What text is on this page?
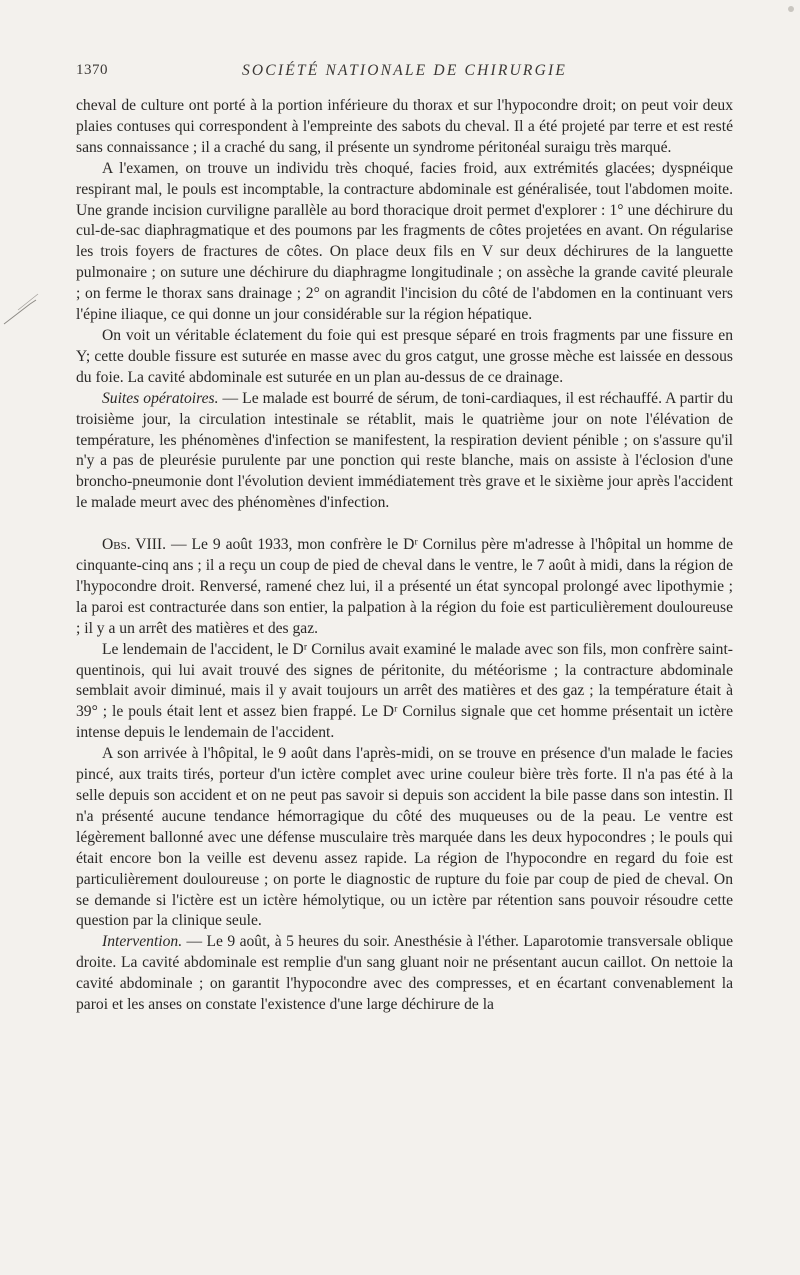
1370	SOCIÉTÉ NATIONALE DE CHIRURGIE

cheval de culture ont porté à la portion inférieure du thorax et sur l'hypocondre droit; on peut voir deux plaies contuses qui correspondent à l'empreinte des sabots du cheval. Il a été projeté par terre et est resté sans connaissance ; il a craché du sang, il présente un syndrome péritonéal suraigu très marqué.

A l'examen, on trouve un individu très choqué, facies froid, aux extrémités glacées; dyspnéique respirant mal, le pouls est incomptable, la contracture abdominale est généralisée, tout l'abdomen moite. Une grande incision curviligne parallèle au bord thoracique droit permet d'explorer : 1° une déchirure du cul-de-sac diaphragmatique et des poumons par les fragments de côtes projetées en avant. On régularise les trois foyers de fractures de côtes. On place deux fils en V sur deux déchirures de la languette pulmonaire ; on suture une déchirure du diaphragme longitudinale ; on assèche la grande cavité pleurale ; on ferme le thorax sans drainage ; 2° on agrandit l'incision du côté de l'abdomen en la continuant vers l'épine iliaque, ce qui donne un jour considérable sur la région hépatique.

On voit un véritable éclatement du foie qui est presque séparé en trois fragments par une fissure en Y; cette double fissure est suturée en masse avec du gros catgut, une grosse mèche est laissée en dessous du foie. La cavité abdominale est suturée en un plan au-dessus de ce drainage.

Suites opératoires. — Le malade est bourré de sérum, de toni-cardiaques, il est réchauffé. A partir du troisième jour, la circulation intestinale se rétablit, mais le quatrième jour on note l'élévation de température, les phénomènes d'infection se manifestent, la respiration devient pénible ; on s'assure qu'il n'y a pas de pleurésie purulente par une ponction qui reste blanche, mais on assiste à l'éclosion d'une broncho-pneumonie dont l'évolution devient immédiatement très grave et le sixième jour après l'accident le malade meurt avec des phénomènes d'infection.

Obs. VIII. — Le 9 août 1933, mon confrère le Dʳ Cornilus père m'adresse à l'hôpital un homme de cinquante-cinq ans ; il a reçu un coup de pied de cheval dans le ventre, le 7 août à midi, dans la région de l'hypocondre droit. Renversé, ramené chez lui, il a présenté un état syncopal prolongé avec lipothymie ; la paroi est contracturée dans son entier, la palpation à la région du foie est particulièrement douloureuse ; il y a un arrêt des matières et des gaz.

Le lendemain de l'accident, le Dʳ Cornilus avait examiné le malade avec son fils, mon confrère saint-quentinois, qui lui avait trouvé des signes de péritonite, du météorisme ; la contracture abdominale semblait avoir diminué, mais il y avait toujours un arrêt des matières et des gaz ; la température était à 39° ; le pouls était lent et assez bien frappé. Le Dʳ Cornilus signale que cet homme présentait un ictère intense depuis le lendemain de l'accident.

A son arrivée à l'hôpital, le 9 août dans l'après-midi, on se trouve en présence d'un malade le facies pincé, aux traits tirés, porteur d'un ictère complet avec urine couleur bière très forte. Il n'a pas été à la selle depuis son accident et on ne peut pas savoir si depuis son accident la bile passe dans son intestin. Il n'a présenté aucune tendance hémorragique du côté des muqueuses ou de la peau. Le ventre est légèrement ballonné avec une défense musculaire très marquée dans les deux hypocondres ; le pouls qui était encore bon la veille est devenu assez rapide. La région de l'hypocondre en regard du foie est particulièrement douloureuse ; on porte le diagnostic de rupture du foie par coup de pied de cheval. On se demande si l'ictère est un ictère hémolytique, ou un ictère par rétention sans pouvoir résoudre cette question par la clinique seule.

Intervention. — Le 9 août, à 5 heures du soir. Anesthésie à l'éther. Laparotomie transversale oblique droite. La cavité abdominale est remplie d'un sang gluant noir ne présentant aucun caillot. On nettoie la cavité abdominale ; on garantit l'hypocondre avec des compresses, et en écartant convenablement la paroi et les anses on constate l'existence d'une large déchirure de la
